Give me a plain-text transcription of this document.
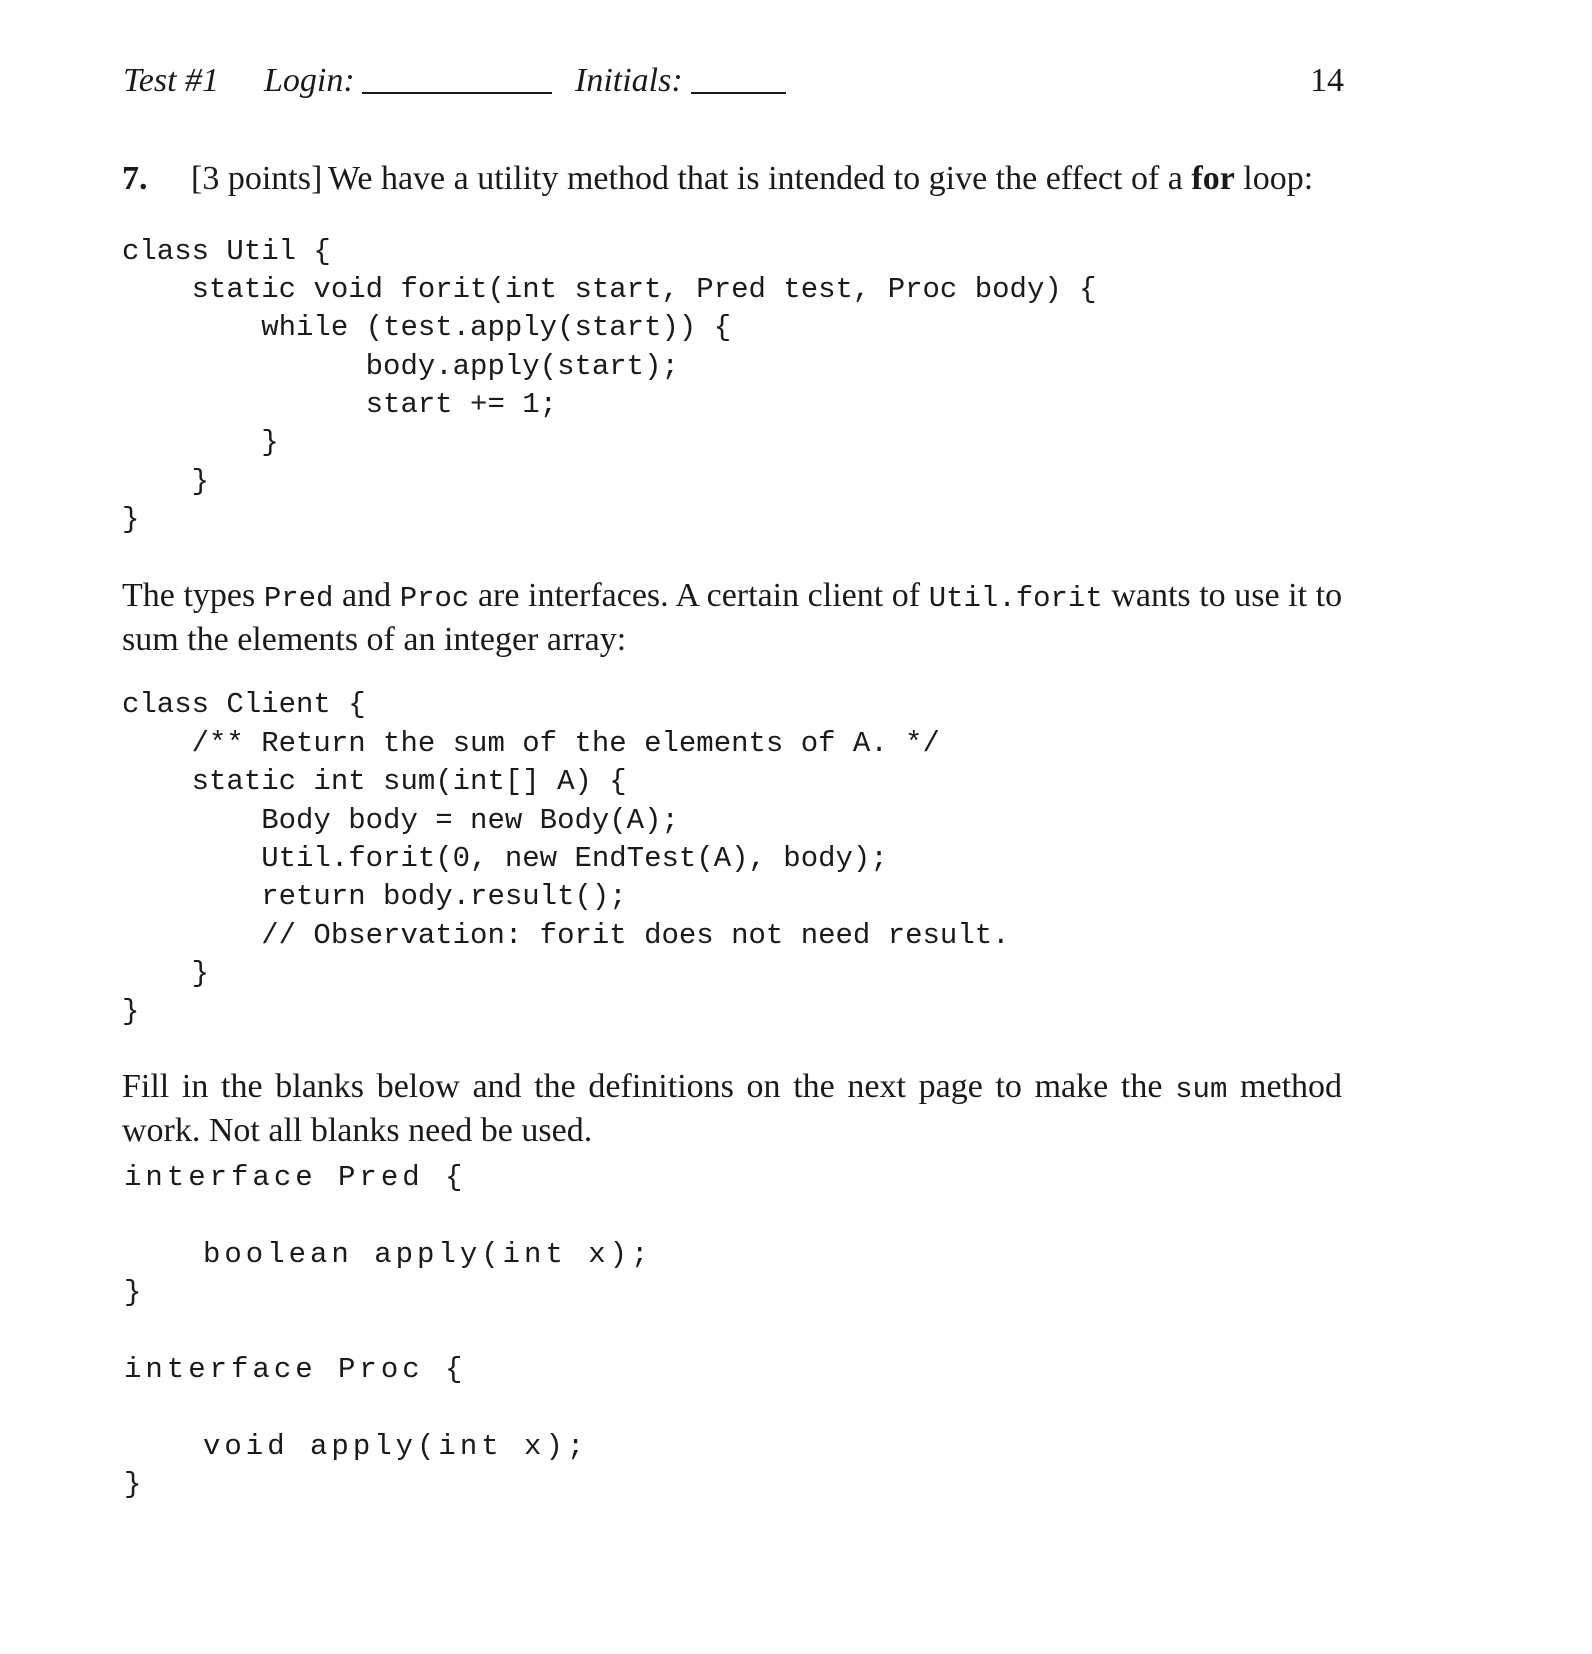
Test #1 Login:	Initials:	14
7. [3 points] We have a utility method that is intended to give the effect of a for loop:
class Util {
static void forit(int start, Pred test, Proc body) {
while (test.apply(start)) {
body.apply(start);
start += 1;
}
}
}
The types Pred and Proc are interfaces. A certain client of Util.forit wants to use it to sum the elements of an integer array:
class Client {
/** Return the sum of the elements of A. */
static int sum(int[] A) {
Body body = new Body(A);
Util.forit(0, new EndTest(A), body);
return body.result();
// Observation: forit does not need result.
}
}
Fill in the blanks below and the definitions on the next page to make the sum method work. Not all blanks need be used.
interface Pred {
boolean apply(int x);
}
interface Proc {
void apply(int x);
}
